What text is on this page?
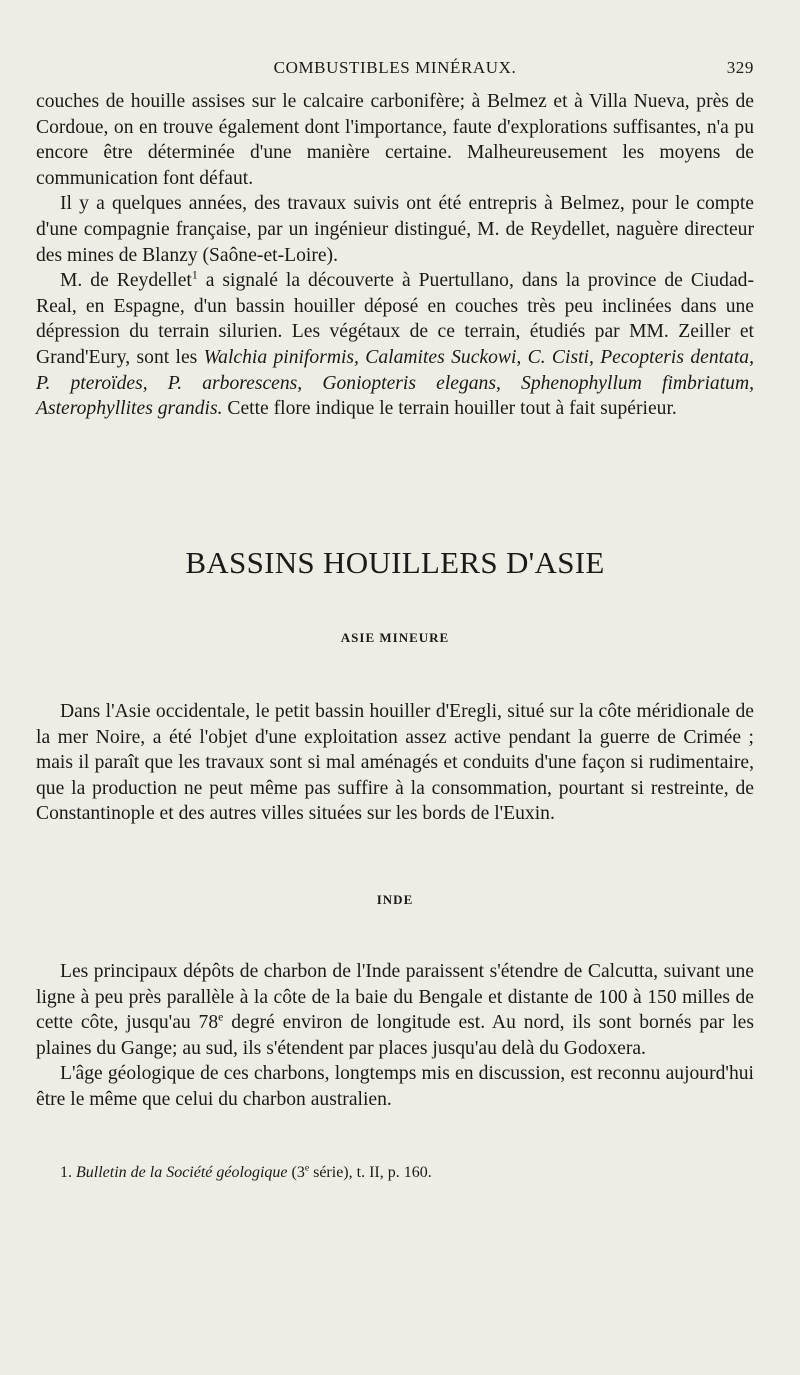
COMBUSTIBLES MINÉRAUX.	329

couches de houille assises sur le calcaire carbonifère; à Belmez et à Villa Nueva, près de Cordoue, on en trouve également dont l'importance, faute d'explorations suffisantes, n'a pu encore être déterminée d'une manière certaine. Malheureusement les moyens de communication font défaut.

Il y a quelques années, des travaux suivis ont été entrepris à Belmez, pour le compte d'une compagnie française, par un ingénieur distingué, M. de Reydellet, naguère directeur des mines de Blanzy (Saône-et-Loire).

M. de Reydellet$^1$ a signalé la découverte à Puertullano, dans la province de Ciudad-Real, en Espagne, d'un bassin houiller déposé en couches très peu inclinées dans une dépression du terrain silurien. Les végétaux de ce terrain, étudiés par MM. Zeiller et Grand'Eury, sont les Walchia piniformis, Calamites Suckowi, C. Cisti, Pecopteris dentata, P. pteroïdes, P. arborescens, Goniopteris elegans, Sphenophyllum fimbriatum, Asterophyllites grandis. Cette flore indique le terrain houiller tout à fait supérieur.

BASSINS HOUILLERS D'ASIE
ASIE MINEURE

Dans l'Asie occidentale, le petit bassin houiller d'Eregli, situé sur la côte méridionale de la mer Noire, a été l'objet d'une exploitation assez active pendant la guerre de Crimée ; mais il paraît que les travaux sont si mal aménagés et conduits d'une façon si rudimentaire, que la production ne peut même pas suffire à la consommation, pourtant si restreinte, de Constantinople et des autres villes situées sur les bords de l'Euxin.

INDE

Les principaux dépôts de charbon de l'Inde paraissent s'étendre de Calcutta, suivant une ligne à peu près parallèle à la côte de la baie du Bengale et distante de 100 à 150 milles de cette côte, jusqu'au 78e degré environ de longitude est. Au nord, ils sont bornés par les plaines du Gange; au sud, ils s'étendent par places jusqu'au delà du Godoxera.

L'âge géologique de ces charbons, longtemps mis en discussion, est reconnu aujourd'hui être le même que celui du charbon australien.

1. Bulletin de la Société géologique (3e série), t. II, p. 160.
